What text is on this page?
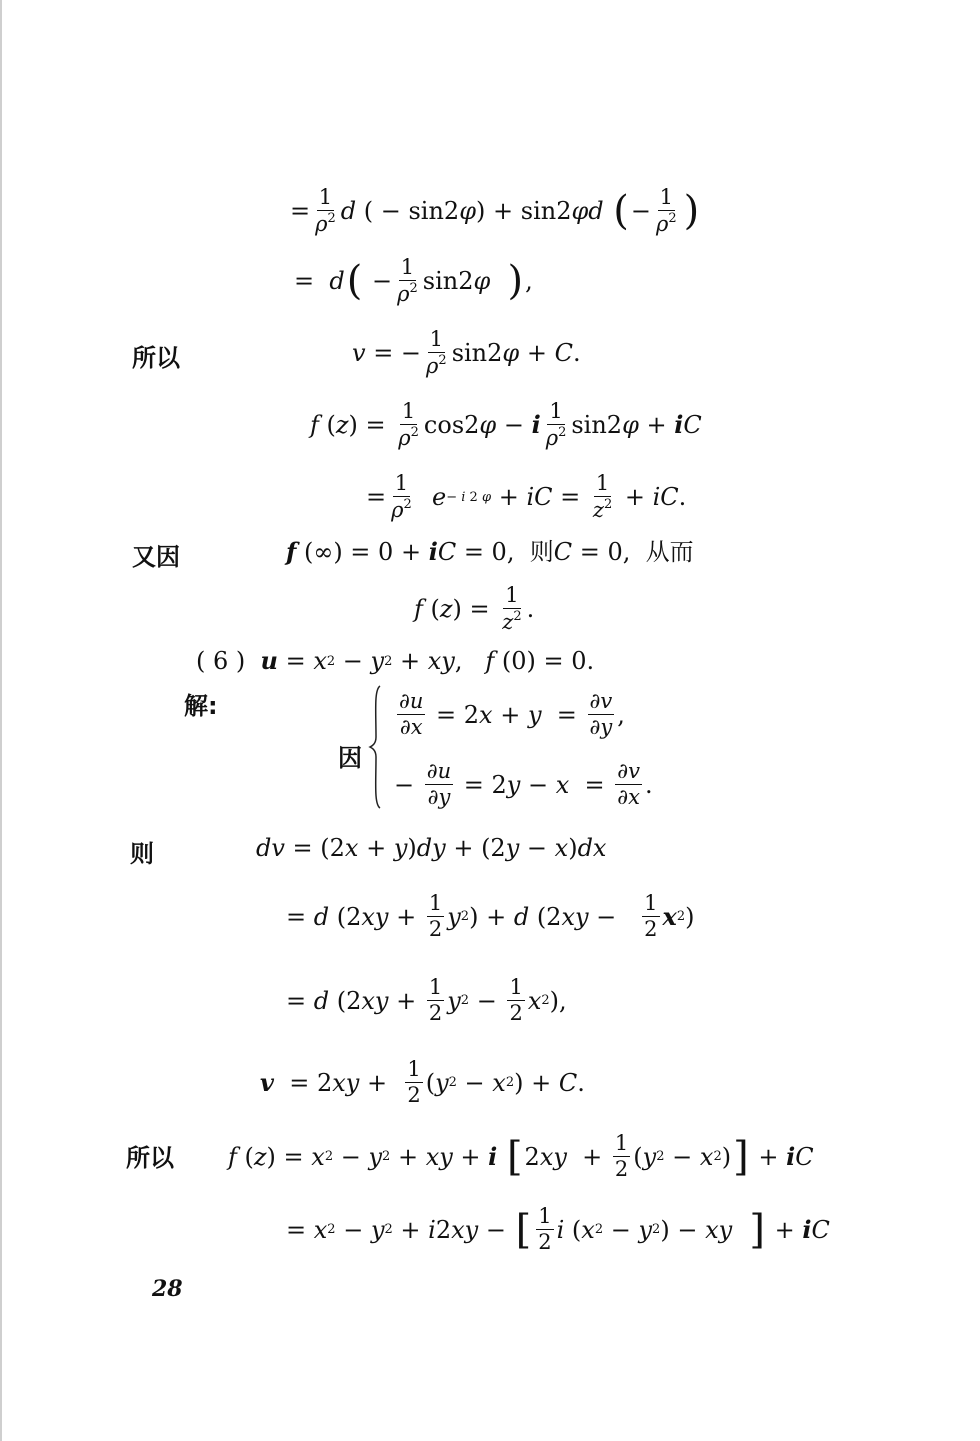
= $\frac{1}{\rho^2}$ d ( − sin2 φ ) + sin2 φ d
( − $\frac{1}{\rho^2}$ )
=  d ( − $\frac{1}{\rho^2} \sin 2$ φ
) ,
所以	v = − $\frac{1}{\rho^2} \sin 2$ φ + C .
f ( z ) = $\frac{1}{\rho^2} \cos 2$ φ − i $\frac{1}{\rho^2} \sin 2$ φ + i C
= $\frac{1}{\rho^2}$
e − i 2 φ + iC = $\frac{1}{z^2}$ + iC .
又因	f (∞) = 0 + i C = 0, 则 C = 0, 从而
f ( z ) = $\frac{1}{z^2}$ .
( 6 ) u = x 2 − y 2 + xy , f (0) = 0.
解:
因
$\frac{\partial u}{\partial x} = 2$ $x + y = \frac{\partial v}{\partial y}$ ,
− $\frac{\partial u}{\partial y} = 2$ $y - x = \frac{\partial v}{\partial x}$ .
则	dv = (2 x + y ) dy + (2 y − x ) dx
= d (2 xy + $\frac{1}{2}$ y 2 ) + d (2 xy − $\frac{1}{2}$ x 2 )
= d (2 xy + $\frac{1}{2}$ y $2 - \frac{1}{2}$ x 2 ),
v = 2 xy + $\frac{1}{2}$ ( y 2 − x 2 ) + C .
所以 f ( z ) = x 2 − y 2 + xy + i
[ 2 xy + $\frac{1}{2}$ ( y 2 − x 2 ) ] + i C
= x 2 − y 2 + i 2 xy − [ $\frac{1}{2}$ i ( x 2 − y 2 ) − xy
] + i C
28
